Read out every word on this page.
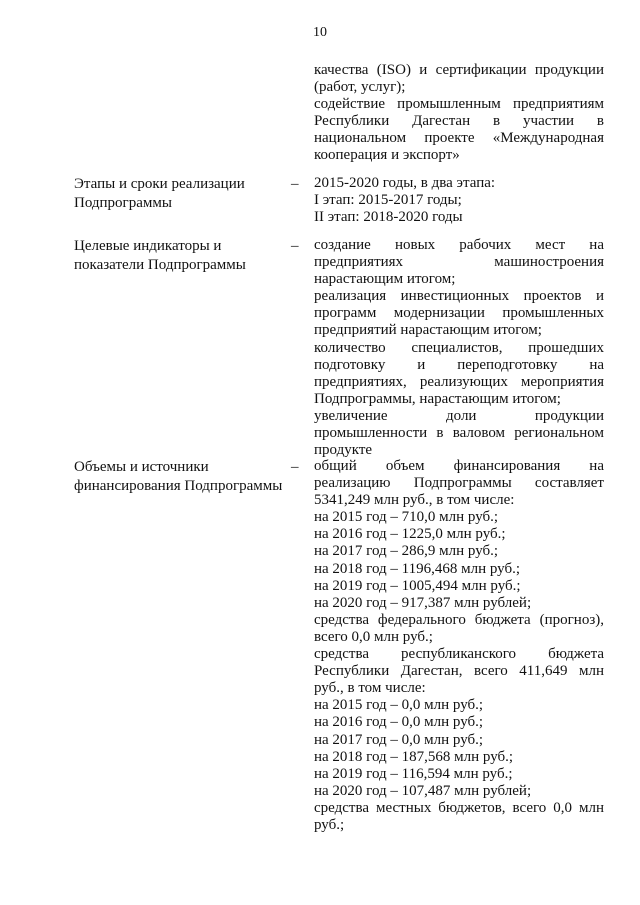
10

качества (ISO) и сертификации продукции (работ, услуг);

содействие промышленным предприятиям Республики Дагестан в участии в национальном проекте «Международная кооперация и экспорт»

Этапы и сроки реализации Подпрограммы
– 2015-2020 годы, в два этапа:

I этап: 2015-2017 годы;

II этап: 2018-2020 годы

Целевые индикаторы и показатели Подпрограммы
– создание новых рабочих мест на предприятиях машиностроения нарастающим итогом;

реализация инвестиционных проектов и программ модернизации промышленных предприятий нарастающим итогом;

количество специалистов, прошедших подготовку и переподготовку на предприятиях, реализующих мероприятия Подпрограммы, нарастающим итогом;

увеличение доли продукции промышленности в валовом региональном продукте

Объемы и источники финансирования Подпрограммы
– общий объем финансирования на реализацию Подпрограммы составляет 5341,249 млн руб., в том числе:

на 2015 год – 710,0 млн руб.;

на 2016 год – 1225,0 млн руб.;

на 2017 год – 286,9 млн руб.;

на 2018 год – 1196,468 млн руб.;

на 2019 год – 1005,494 млн руб.;

на 2020 год – 917,387 млн рублей;

средства федерального бюджета (прогноз), всего 0,0 млн руб.;

средства республиканского бюджета Республики Дагестан, всего 411,649 млн руб., в том числе:

на 2015 год – 0,0 млн руб.;

на 2016 год – 0,0 млн руб.;

на 2017 год – 0,0 млн руб.;

на 2018 год – 187,568 млн руб.;

на 2019 год – 116,594 млн руб.;

на 2020 год – 107,487 млн рублей;

средства местных бюджетов, всего 0,0 млн руб.;
